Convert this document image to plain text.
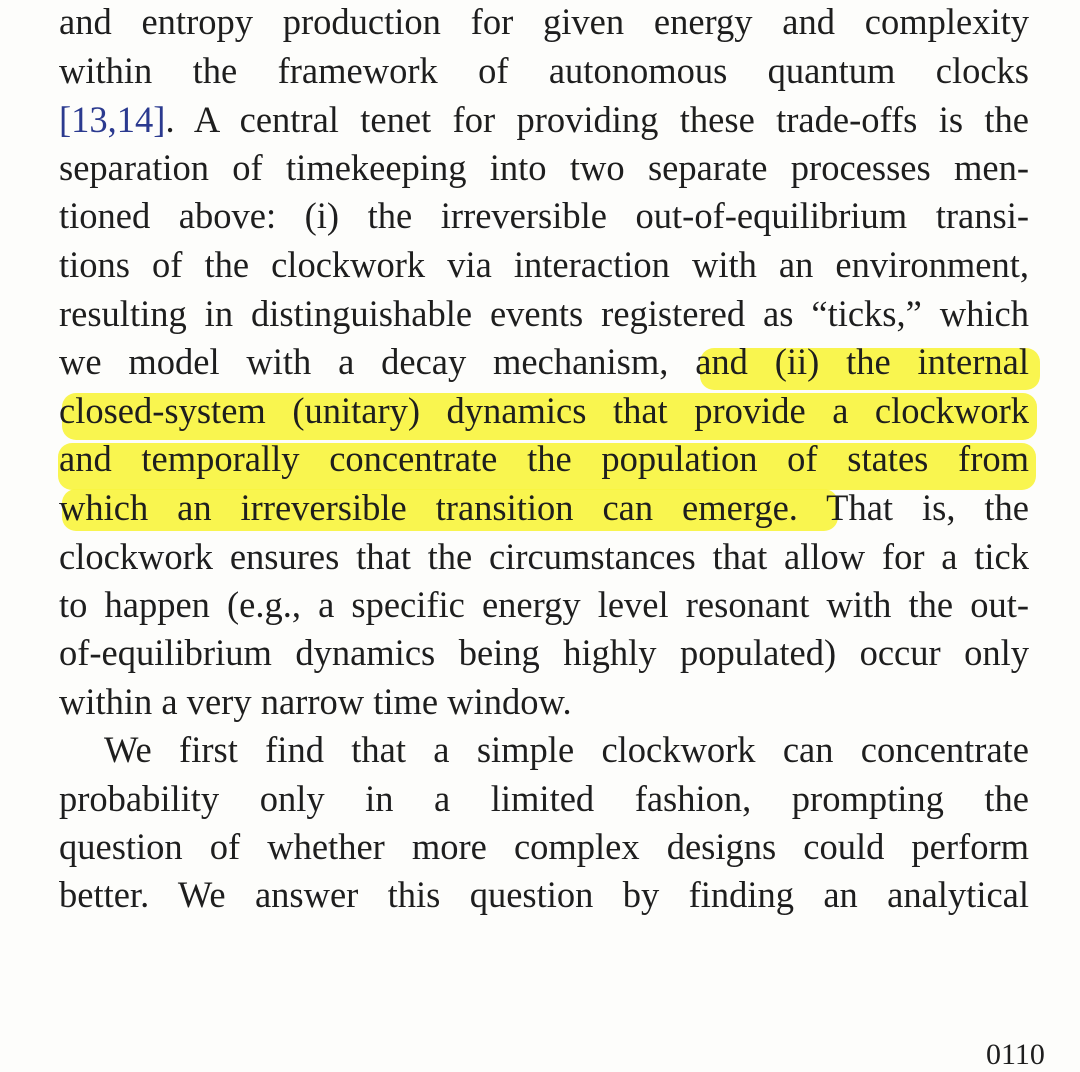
and entropy production for given energy and complexity
within the framework of autonomous quantum clocks
[13,14]. A central tenet for providing these trade-offs is the
separation of timekeeping into two separate processes men-
tioned above: (i) the irreversible out-of-equilibrium transi-
tions of the clockwork via interaction with an environment,
resulting in distinguishable events registered as “ticks,” which
we model with a decay mechanism, and (ii) the internal
closed-system (unitary) dynamics that provide a clockwork
and temporally concentrate the population of states from
which an irreversible transition can emerge. That is, the
clockwork ensures that the circumstances that allow for a tick
to happen (e.g., a specific energy level resonant with the out-
of-equilibrium dynamics being highly populated) occur only
within a very narrow time window.
We first find that a simple clockwork can concentrate
probability only in a limited fashion, prompting the
question of whether more complex designs could perform
better. We answer this question by finding an analytical
0110
